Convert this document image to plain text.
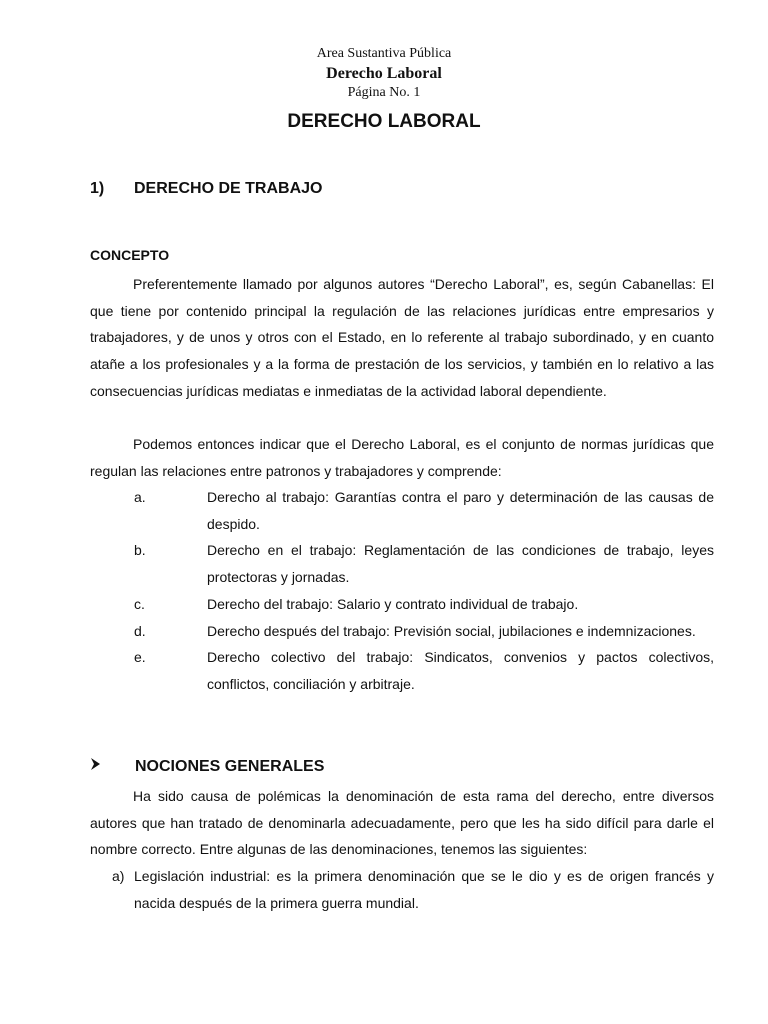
Area Sustantiva Pública
Derecho Laboral
Página No. 1
DERECHO LABORAL
1) DERECHO DE TRABAJO
CONCEPTO
Preferentemente llamado por algunos autores “Derecho Laboral”, es, según Cabanellas: El que tiene por contenido principal la regulación de las relaciones jurídicas entre empresarios y trabajadores, y de unos y otros con el Estado, en lo referente al trabajo subordinado, y en cuanto atañe a los profesionales y a la forma de prestación de los servicios, y también en lo relativo a las consecuencias jurídicas mediatas e inmediatas de la actividad laboral dependiente.
Podemos entonces indicar que el Derecho Laboral, es el conjunto de normas jurídicas que regulan las relaciones entre patronos y trabajadores y comprende:
a.	Derecho al trabajo: Garantías contra el paro y determinación de las causas de despido.
b.	Derecho en el trabajo: Reglamentación de las condiciones de trabajo, leyes protectoras y jornadas.
c.	Derecho del trabajo: Salario y contrato individual de trabajo.
d.	Derecho después del trabajo: Previsión social, jubilaciones e indemnizaciones.
e.	Derecho colectivo del trabajo: Sindicatos, convenios y pactos colectivos, conflictos, conciliación y arbitraje.
NOCIONES GENERALES
Ha sido causa de polémicas la denominación de esta rama del derecho, entre diversos autores que han tratado de denominarla adecuadamente, pero que les ha sido difícil para darle el nombre correcto. Entre algunas de las denominaciones, tenemos las siguientes:
a) Legislación industrial: es la primera denominación que se le dio y es de origen francés y nacida después de la primera guerra mundial.
